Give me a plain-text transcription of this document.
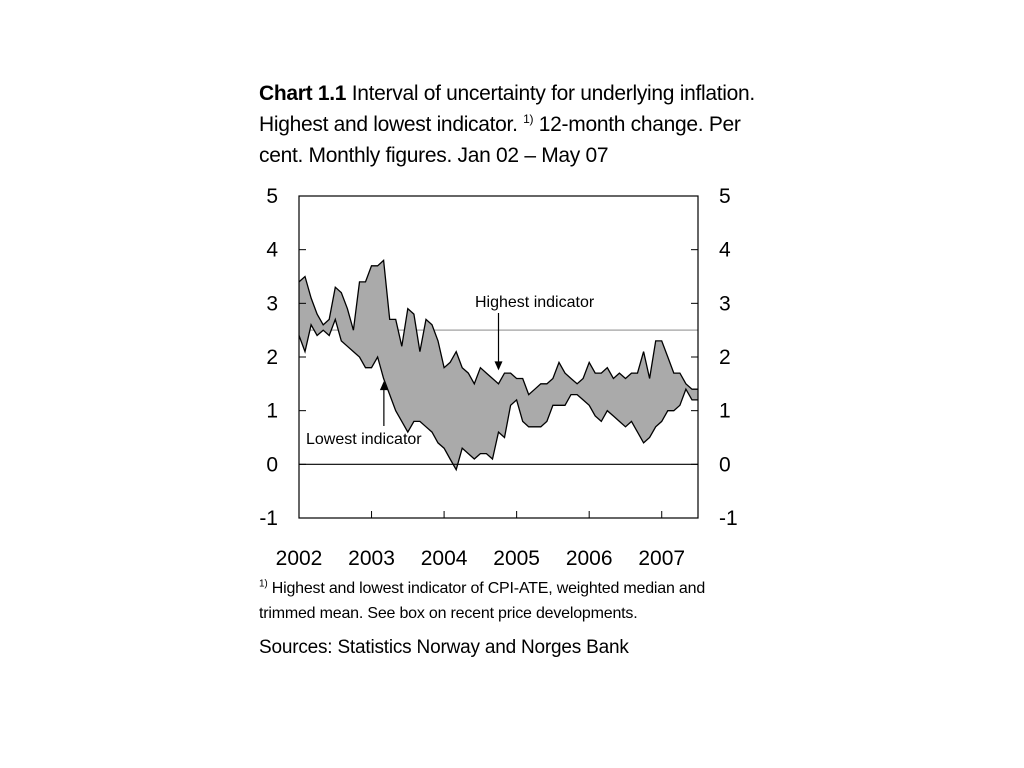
Chart 1.1 Interval of uncertainty for underlying inflation. Highest and lowest indicator. $^{1)}$ 12-month change. Per cent. Monthly figures. Jan 02 – May 07
5	5
4	4
3	3
2	2
1	1
0	0
-1	-1
2002 2003 2004 2005 2006 2007
Highest indicator
Lowest indicator
$^{1)}$ Highest and lowest indicator of CPI-ATE, weighted median and trimmed mean. See box on recent price developments.
Sources: Statistics Norway and Norges Bank
